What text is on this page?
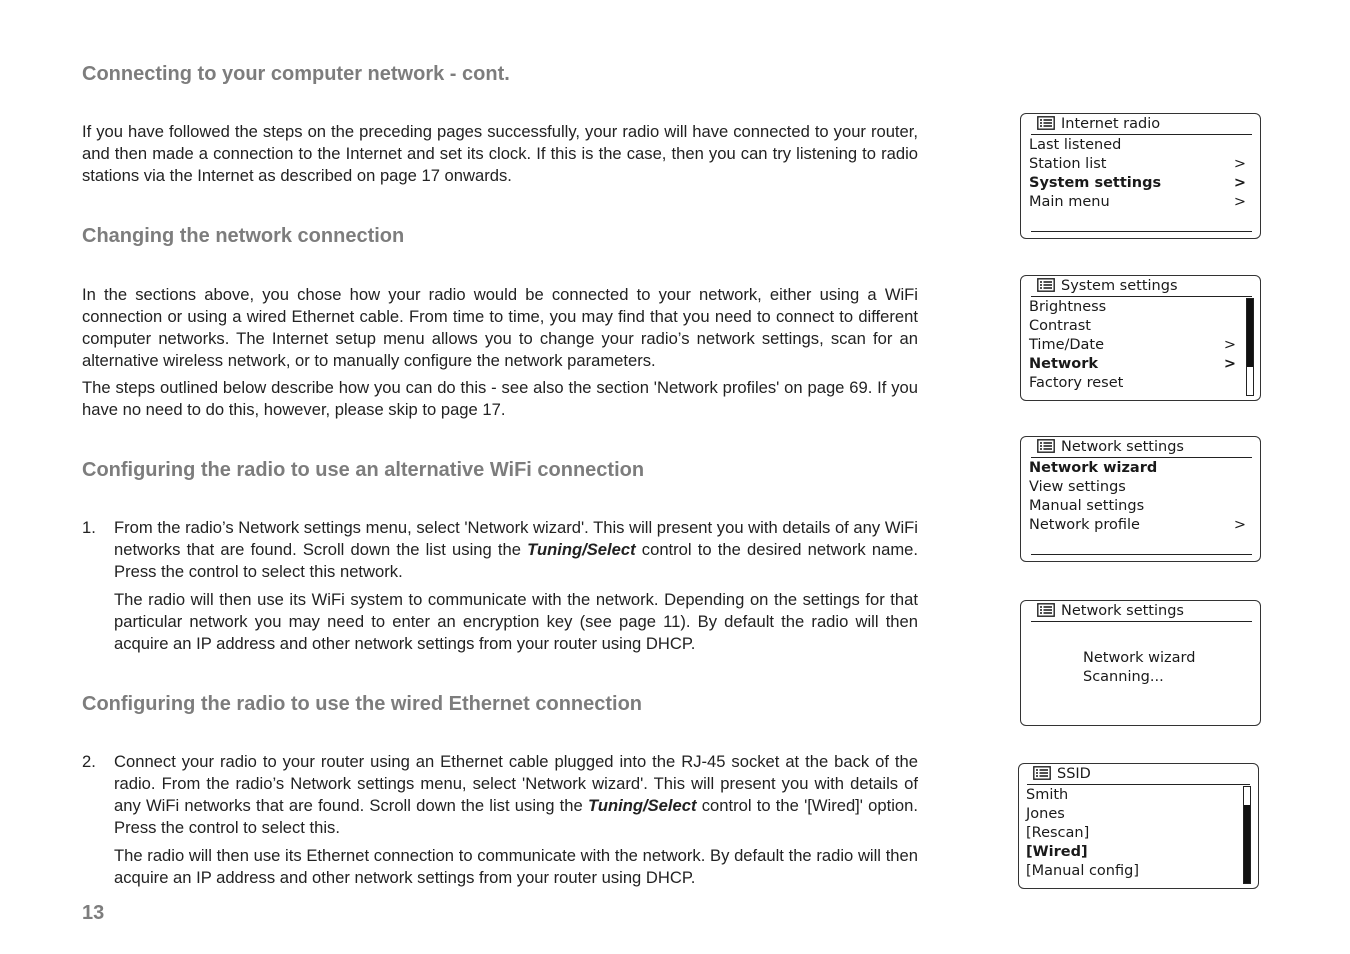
Connecting to your computer network - cont.
Changing the network connection
Configuring the radio to use an alternative WiFi connection
Configuring the radio to use the wired Ethernet connection

If you have followed the steps on the preceding pages successfully, your radio will have connected to your router, and then made a connection to the Internet and set its clock. If this is the case, then you can try listening to radio stations via the Internet as described on page 17 onwards.

In the sections above, you chose how your radio would be connected to your network, either using a WiFi connection or using a wired Ethernet cable. From time to time, you may find that you need to connect to different computer networks. The Internet setup menu allows you to change your radio’s network settings, scan for an alternative wireless network, or to manually configure the network parameters.

The steps outlined below describe how you can do this - see also the section 'Network profiles' on page 69. If you have no need to do this, however, please skip to page 17.

1. From the radio’s Network settings menu, select 'Network wizard'. This will present you with details of any WiFi networks that are found. Scroll down the list using the Tuning/Select control to the desired network name. Press the control to select this network.

The radio will then use its WiFi system to communicate with the network. Depending on the settings for that particular network you may need to enter an encryption key (see page 11). By default the radio will then acquire an IP address and other network settings from your router using DHCP.

2. Connect your radio to your router using an Ethernet cable plugged into the RJ-45 socket at the back of the radio. From the radio’s Network settings menu, select 'Network wizard'. This will present you with details of any WiFi networks that are found. Scroll down the list using the Tuning/Select control to the '[Wired]' option. Press the control to select this.

The radio will then use its Ethernet connection to communicate with the network. By default the radio will then acquire an IP address and other network settings from your router using DHCP.

13
Internet radio
Last listened
Station list	>
System settings	>
Main menu	>
System settings
Brightness
Contrast
Time/Date	>
Network	>
Factory reset
Network settings
Network wizard
View settings
Manual settings
Network profile	>
Network settings
Network wizard
Scanning...
SSID
Smith
Jones
[Rescan]
[Wired]
[Manual config]
